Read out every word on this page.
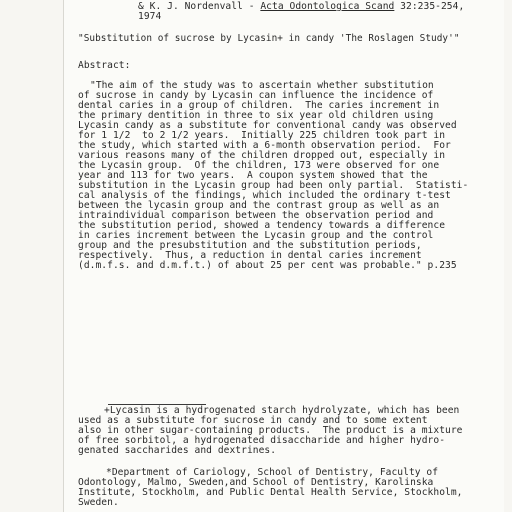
& K. J. Nordenvall - Acta Odontologica Scand 32:235-254,
1974
"Substitution of sucrose by Lycasin+ in candy 'The Roslagen Study'"
Abstract:
"The aim of the study was to ascertain whether substitution
of sucrose in candy by Lycasin can influence the incidence of
dental caries in a group of children.  The caries increment in
the primary dentition in three to six year old children using
Lycasin candy as a substitute for conventional candy was observed
for 1 1/2  to 2 1/2 years.  Initially 225 children took part in
the study, which started with a 6-month observation period.  For
various reasons many of the children dropped out, especially in
the Lycasin group.  Of the children, 173 were observed for one
year and 113 for two years.  A coupon system showed that the
substitution in the Lycasin group had been only partial.  Statisti-
cal analysis of the findings, which included the ordinary t-test
between the lycasin group and the contrast group as well as an
intraindividual comparison between the observation period and
the substitution period, showed a tendency towards a difference
in caries increment between the Lycasin group and the control
group and the presubstitution and the substitution periods,
respectively.  Thus, a reduction in dental caries increment
(d.m.f.s. and d.m.f.t.) of about 25 per cent was probable." p.235
+Lycasin is a hydrogenated starch hydrolyzate, which has been
used as a substitute for sucrose in candy and to some extent
also in other sugar-containing products.  The product is a mixture
of free sorbitol, a hydrogenated disaccharide and higher hydro-
genated saccharides and dextrines.
*Department of Cariology, School of Dentistry, Faculty of
Odontology, Malmo, Sweden,and School of Dentistry, Karolinska
Institute, Stockholm, and Public Dental Health Service, Stockholm,
Sweden.
